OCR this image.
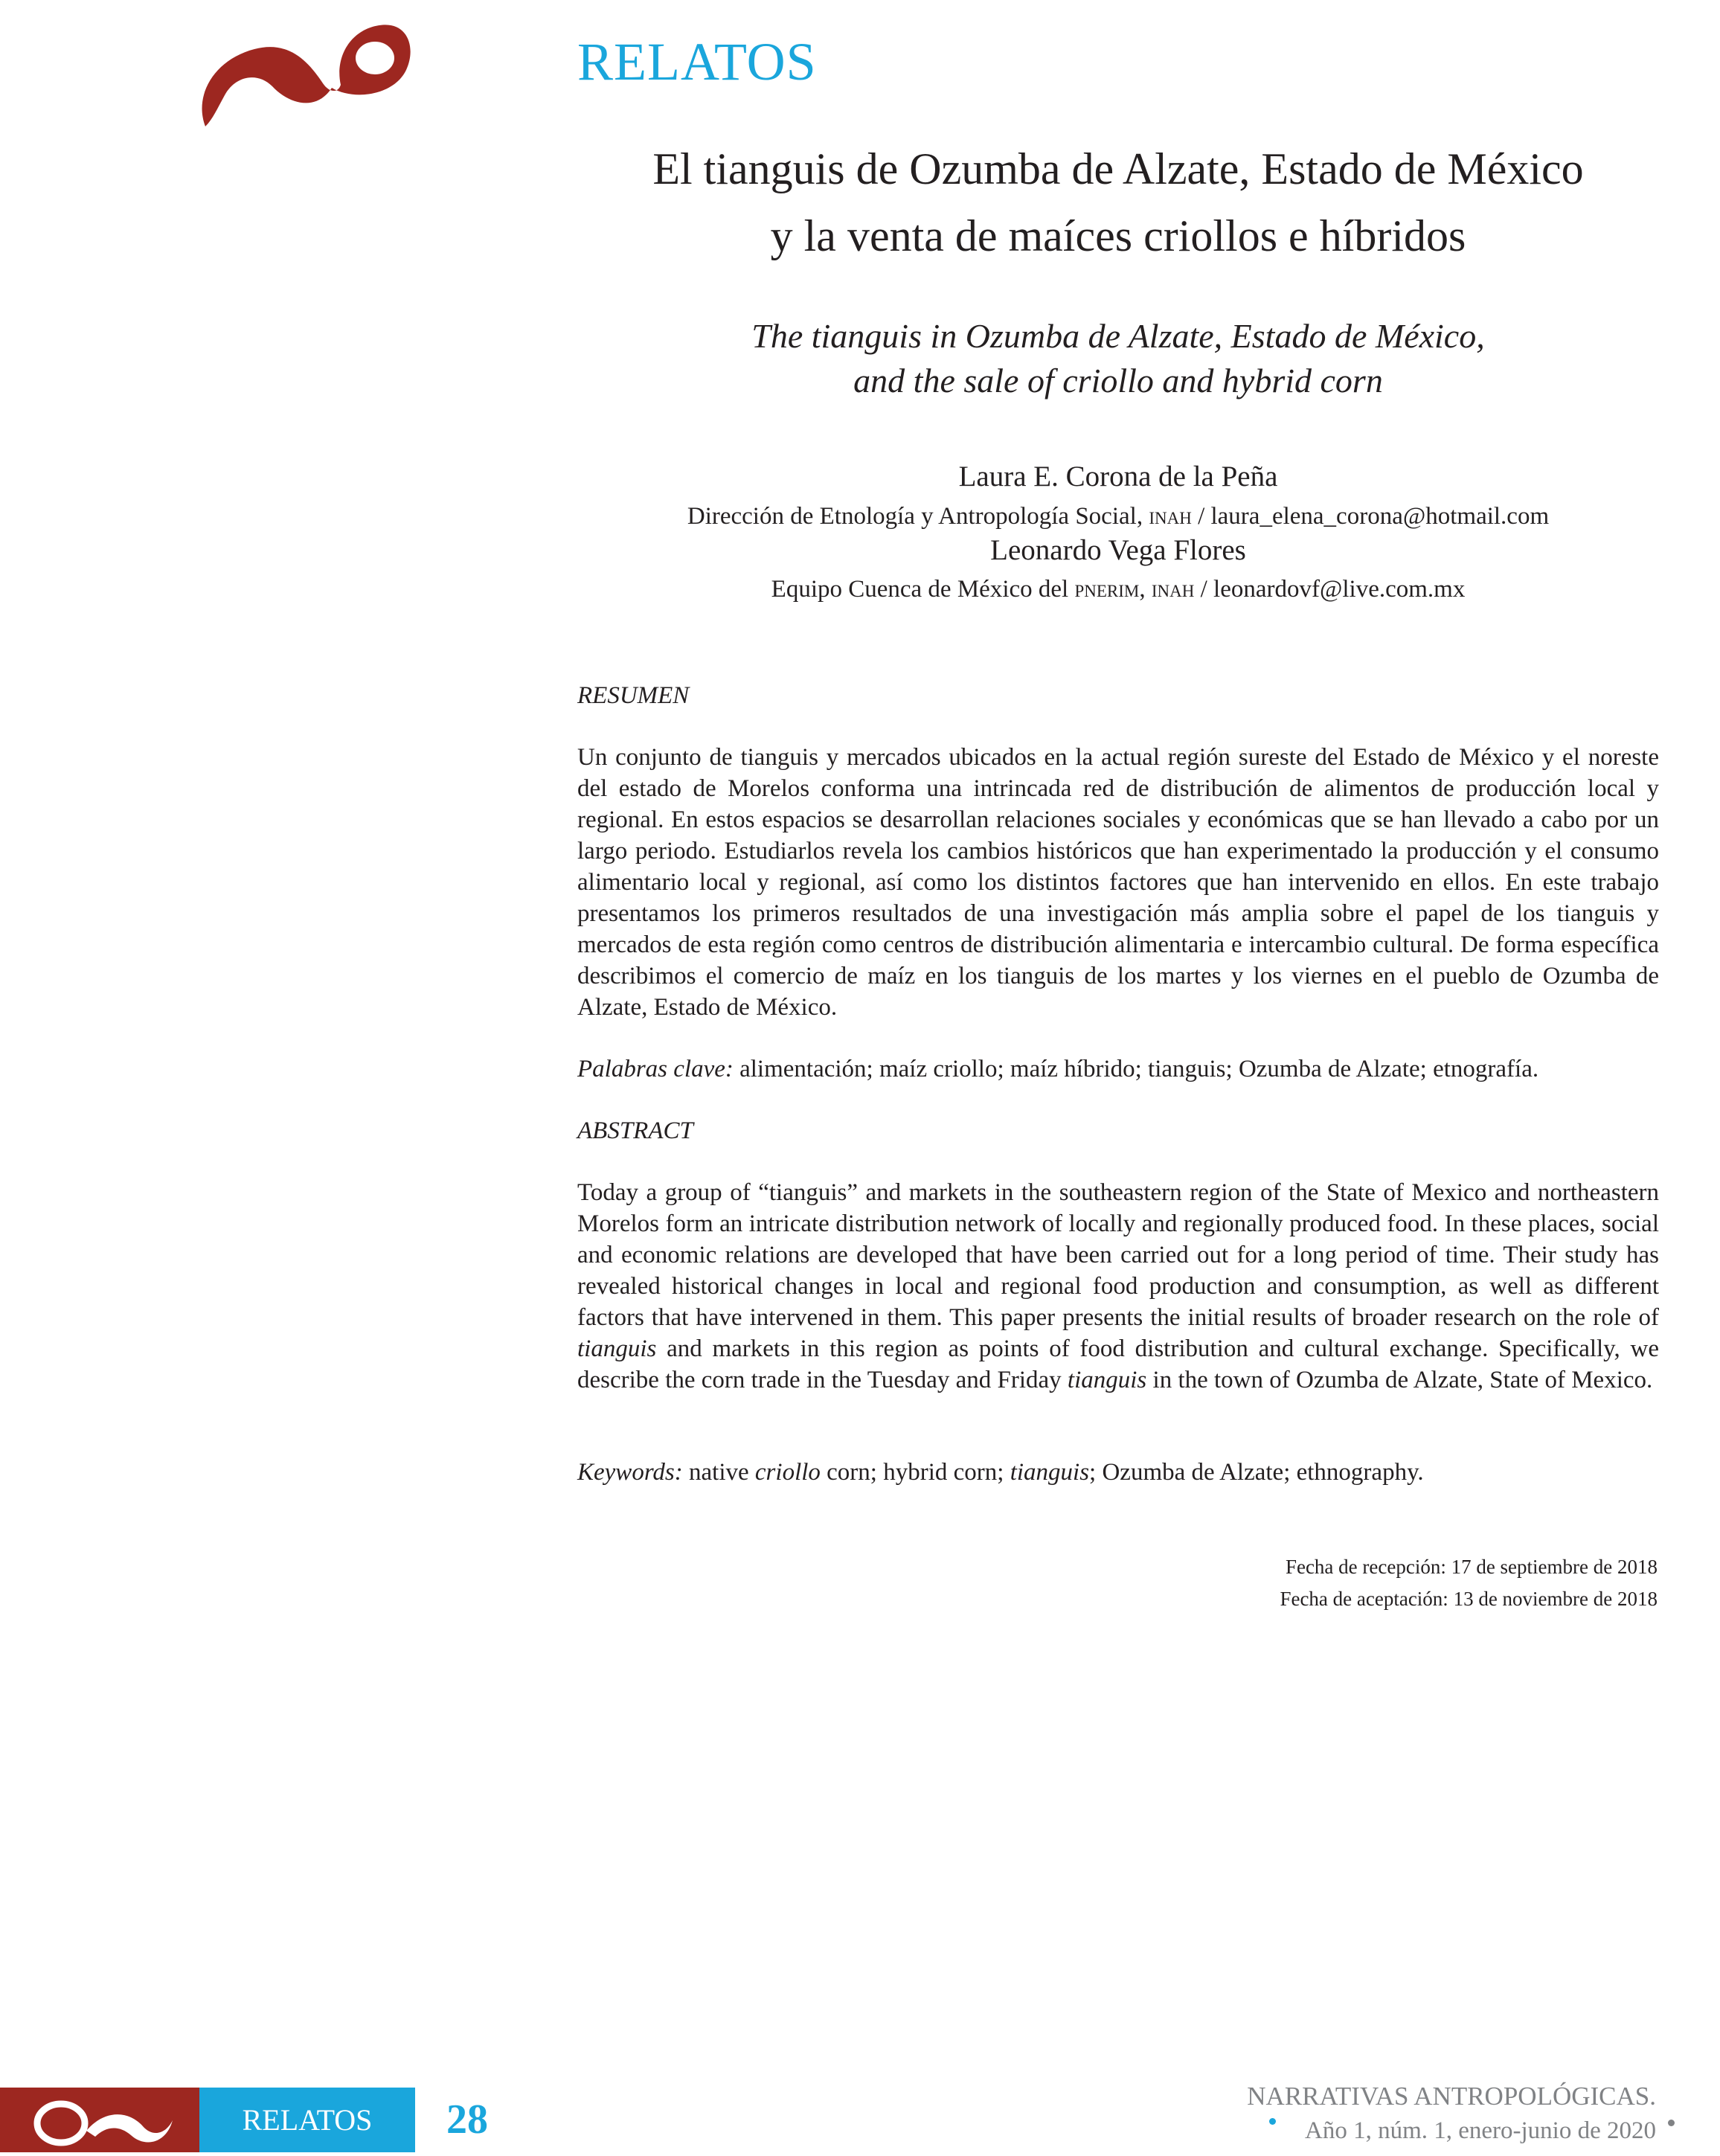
RELATOS
El tianguis de Ozumba de Alzate, Estado de México
y la venta de maíces criollos e híbridos
The tianguis in Ozumba de Alzate, Estado de México,
and the sale of criollo and hybrid corn
Laura E. Corona de la Peña
Dirección de Etnología y Antropología Social, inah / laura_elena_corona@hotmail.com
Leonardo Vega Flores
Equipo Cuenca de México del pnerim, inah / leonardovf@live.com.mx
RESUMEN

Un conjunto de tianguis y mercados ubicados en la actual región sureste del Estado de México y el noreste del estado de Morelos conforma una intrincada red de distribución de alimentos de producción local y regional. En estos espacios se desarrollan relaciones sociales y económicas que se han llevado a cabo por un largo periodo. Estudiarlos revela los cambios históricos que han experimentado la producción y el consumo alimentario local y regional, así como los distintos factores que han intervenido en ellos. En este trabajo presentamos los primeros resultados de una investigación más amplia sobre el papel de los tianguis y mercados de esta región como centros de distribución alimentaria e intercambio cultural. De forma específica describimos el comercio de maíz en los tianguis de los martes y los viernes en el pueblo de Ozumba de Alzate, Estado de México.

Palabras clave: alimentación; maíz criollo; maíz híbrido; tianguis; Ozumba de Alzate; etnografía.
ABSTRACT

Today a group of “tianguis” and markets in the southeastern region of the State of Mexico and northeastern Morelos form an intricate distribution network of locally and regionally produced food. In these places, social and economic relations are developed that have been carried out for a long period of time. Their study has revealed historical changes in local and regional food production and consumption, as well as different factors that have intervened in them. This paper presents the initial results of broader research on the role of tianguis and markets in this region as points of food distribution and cultural exchange. Specifically, we describe the corn trade in the Tuesday and Friday tianguis in the town of Ozumba de Alzate, State of Mexico.

Keywords: native criollo corn; hybrid corn; tianguis; Ozumba de Alzate; ethnography.
Fecha de recepción: 17 de septiembre de 2018
Fecha de aceptación: 13 de noviembre de 2018
RELATOS	28
NARRATIVAS ANTROPOLÓGICAS.
Año 1, núm. 1, enero-junio de 2020
